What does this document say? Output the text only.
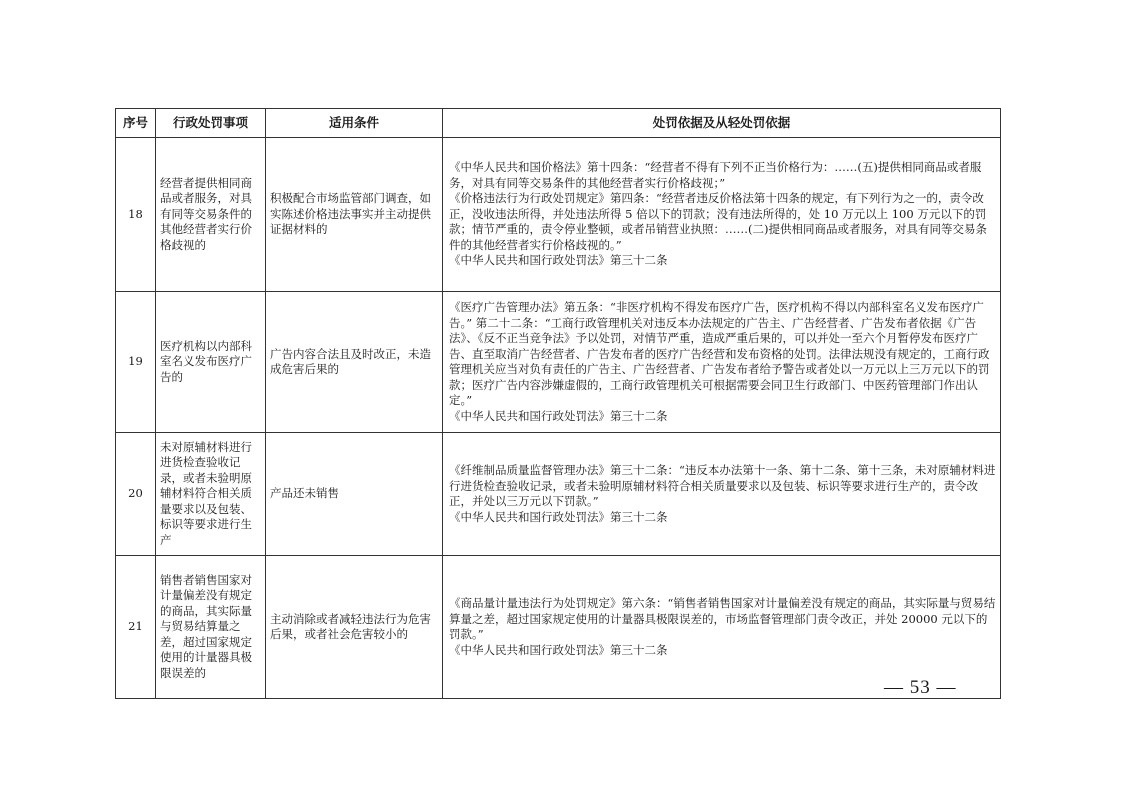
序号	行政处罚事项	适用条件	处罚依据及从轻处罚依据
18	经营者提供相同商品或者服务，对具有同等交易条件的其他经营者实行价格歧视的	积极配合市场监管部门调查，如实陈述价格违法事实并主动提供证据材料的	《中华人民共和国价格法》第十四条：“经营者不得有下列不正当价格行为：……(五)提供相同商品或者服务，对具有同等交易条件的其他经营者实行价格歧视；”
《价格违法行为行政处罚规定》第四条：“经营者违反价格法第十四条的规定，有下列行为之一的，责令改正，没收违法所得，并处违法所得 5 倍以下的罚款；没有违法所得的，处 10 万元以上 100 万元以下的罚款；情节严重的，责令停业整顿，或者吊销营业执照：……(二)提供相同商品或者服务，对具有同等交易条件的其他经营者实行价格歧视的。”
《中华人民共和国行政处罚法》第三十二条
19	医疗机构以内部科室名义发布医疗广告的	广告内容合法且及时改正，未造成危害后果的	《医疗广告管理办法》第五条：“非医疗机构不得发布医疗广告，医疗机构不得以内部科室名义发布医疗广告。” 第二十二条：“工商行政管理机关对违反本办法规定的广告主、广告经营者、广告发布者依据《广告法》、《反不正当竞争法》予以处罚，对情节严重，造成严重后果的，可以并处一至六个月暂停发布医疗广告、直至取消广告经营者、广告发布者的医疗广告经营和发布资格的处罚。法律法规没有规定的，工商行政管理机关应当对负有责任的广告主、广告经营者、广告发布者给予警告或者处以一万元以上三万元以下的罚款；医疗广告内容涉嫌虚假的，工商行政管理机关可根据需要会同卫生行政部门、中医药管理部门作出认定。”
《中华人民共和国行政处罚法》第三十二条
20	未对原辅材料进行进货检查验收记录，或者未验明原辅材料符合相关质量要求以及包装、标识等要求进行生产	产品还未销售	《纤维制品质量监督管理办法》第三十二条：“违反本办法第十一条、第十二条、第十三条，未对原辅材料进行进货检查验收记录，或者未验明原辅材料符合相关质量要求以及包装、标识等要求进行生产的，责令改正，并处以三万元以下罚款。”
《中华人民共和国行政处罚法》第三十二条
21	销售者销售国家对计量偏差没有规定的商品，其实际量与贸易结算量之差，超过国家规定使用的计量器具极限误差的	主动消除或者减轻违法行为危害后果，或者社会危害较小的	《商品量计量违法行为处罚规定》第六条：“销售者销售国家对计量偏差没有规定的商品，其实际量与贸易结算量之差，超过国家规定使用的计量器具极限误差的，市场监督管理部门责令改正，并处 20000 元以下的罚款。”
《中华人民共和国行政处罚法》第三十二条
— 53 —
